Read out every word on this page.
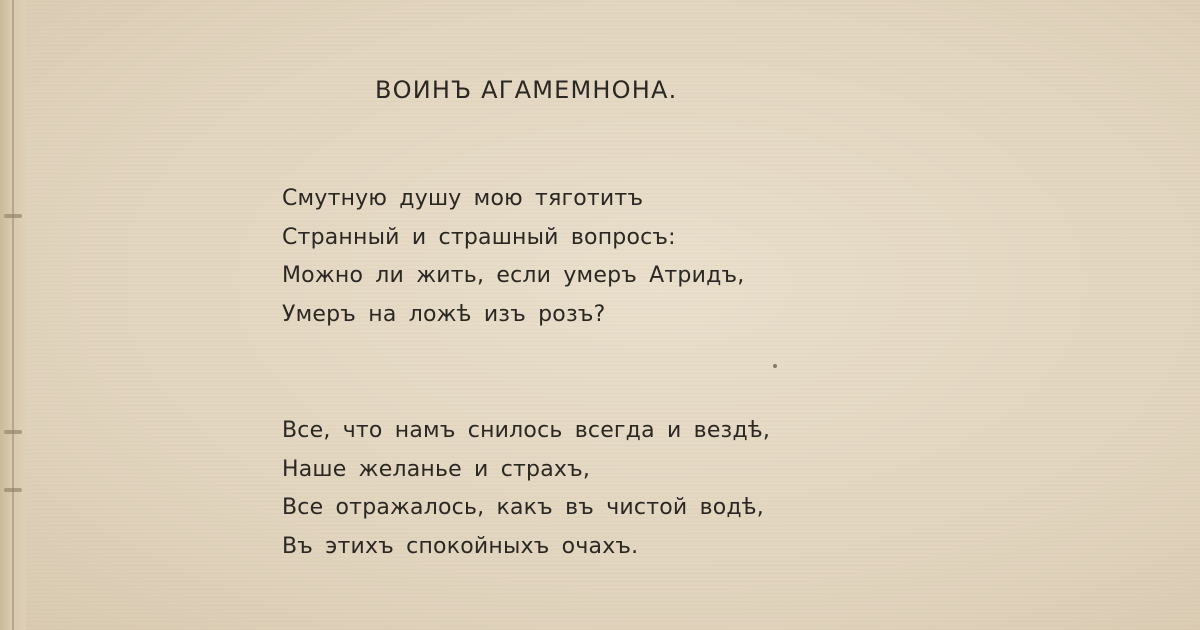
ВОИНЪ АГАМЕМНОНА.
Смутную душу мою тяготитъ
Странный и страшный вопросъ:
Можно ли жить, если умеръ Атридъ,
Умеръ на ложѣ изъ розъ?
Все, что намъ снилось всегда и вездѣ,
Наше желанье и страхъ,
Все отражалось, какъ въ чистой водѣ,
Въ этихъ спокойныхъ очахъ.
